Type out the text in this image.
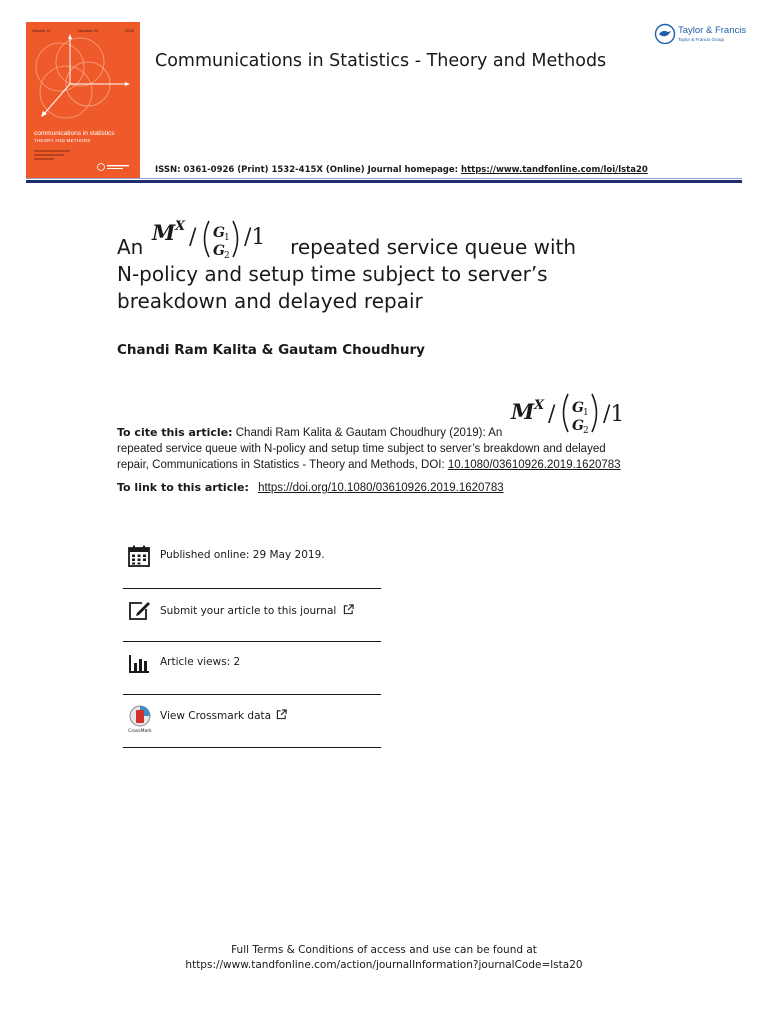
Volume 47	Number 24	2018
communications in statistics
THEORY AND METHODS
Communications in Statistics - Theory and Methods
Taylor & Francis
Taylor & Francis Group
ISSN: 0361-0926 (Print) 1532-415X (Online) Journal homepage: https://www.tandfonline.com/loi/lsta20
An
M X / G 1
G 2
/1 repeated service queue with
N-policy and setup time subject to server’s
breakdown and delayed repair
Chandi Ram Kalita & Gautam Choudhury
M X / G 1
G 2
/1
To cite this article: Chandi Ram Kalita & Gautam Choudhury (2019): An
repeated service queue with N-policy and setup time subject to server’s breakdown and delayed
repair, Communications in Statistics - Theory and Methods, DOI: 10.1080/03610926.2019.1620783
To link to this article: https://doi.org/10.1080/03610926.2019.1620783
Published online: 29 May 2019.
Submit your article to this journal
Article views: 2
CrossMark
View Crossmark data
Full Terms & Conditions of access and use can be found at
https://www.tandfonline.com/action/journalInformation?journalCode=lsta20
